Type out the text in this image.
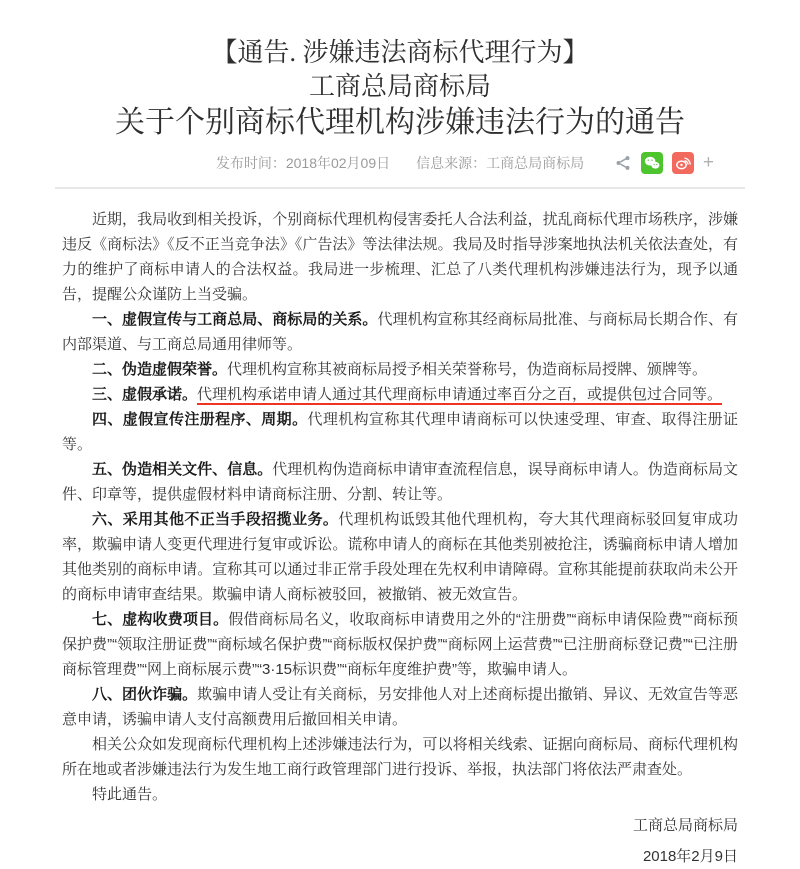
【通告. 涉嫌违法商标代理行为】
工商总局商标局
关于个别商标代理机构涉嫌违法行为的通告
发布时间：2018年02月09日 信息来源：工商总局商标局	+

近期，我局收到相关投诉，个别商标代理机构侵害委托人合法利益，扰乱商标代理市场秩序，涉嫌违反《商标法》《反不正当竞争法》《广告法》等法律法规。我局及时指导涉案地执法机关依法查处，有力的维护了商标申请人的合法权益。我局进一步梳理、汇总了八类代理机构涉嫌违法行为，现予以通告，提醒公众谨防上当受骗。

一、虚假宣传与工商总局、商标局的关系。代理机构宣称其经商标局批准、与商标局长期合作、有内部渠道、与工商总局通用律师等。

二、伪造虚假荣誉。代理机构宣称其被商标局授予相关荣誉称号，伪造商标局授牌、颁牌等。

三、虚假承诺。代理机构承诺申请人通过其代理商标申请通过率百分之百，或提供包过合同等。

四、虚假宣传注册程序、周期。代理机构宣称其代理申请商标可以快速受理、审查、取得注册证等。

五、伪造相关文件、信息。代理机构伪造商标申请审查流程信息，误导商标申请人。伪造商标局文件、印章等，提供虚假材料申请商标注册、分割、转让等。

六、采用其他不正当手段招揽业务。代理机构诋毁其他代理机构，夸大其代理商标驳回复审成功率，欺骗申请人变更代理进行复审或诉讼。谎称申请人的商标在其他类别被抢注，诱骗商标申请人增加其他类别的商标申请。宣称其可以通过非正常手段处理在先权利申请障碍。宣称其能提前获取尚未公开的商标申请审查结果。欺骗申请人商标被驳回，被撤销、被无效宣告。

七、虚构收费项目。假借商标局名义，收取商标申请费用之外的“注册费”“商标申请保险费”“商标预保护费”“领取注册证费”“商标域名保护费”“商标版权保护费”“商标网上运营费”“已注册商标登记费”“已注册商标管理费”“网上商标展示费”“3·15标识费”“商标年度维护费”等，欺骗申请人。

八、团伙诈骗。欺骗申请人受让有关商标，另安排他人对上述商标提出撤销、异议、无效宣告等恶意申请，诱骗申请人支付高额费用后撤回相关申请。

相关公众如发现商标代理机构上述涉嫌违法行为，可以将相关线索、证据向商标局、商标代理机构所在地或者涉嫌违法行为发生地工商行政管理部门进行投诉、举报，执法部门将依法严肃查处。

特此通告。

工商总局商标局

2018年2月9日
